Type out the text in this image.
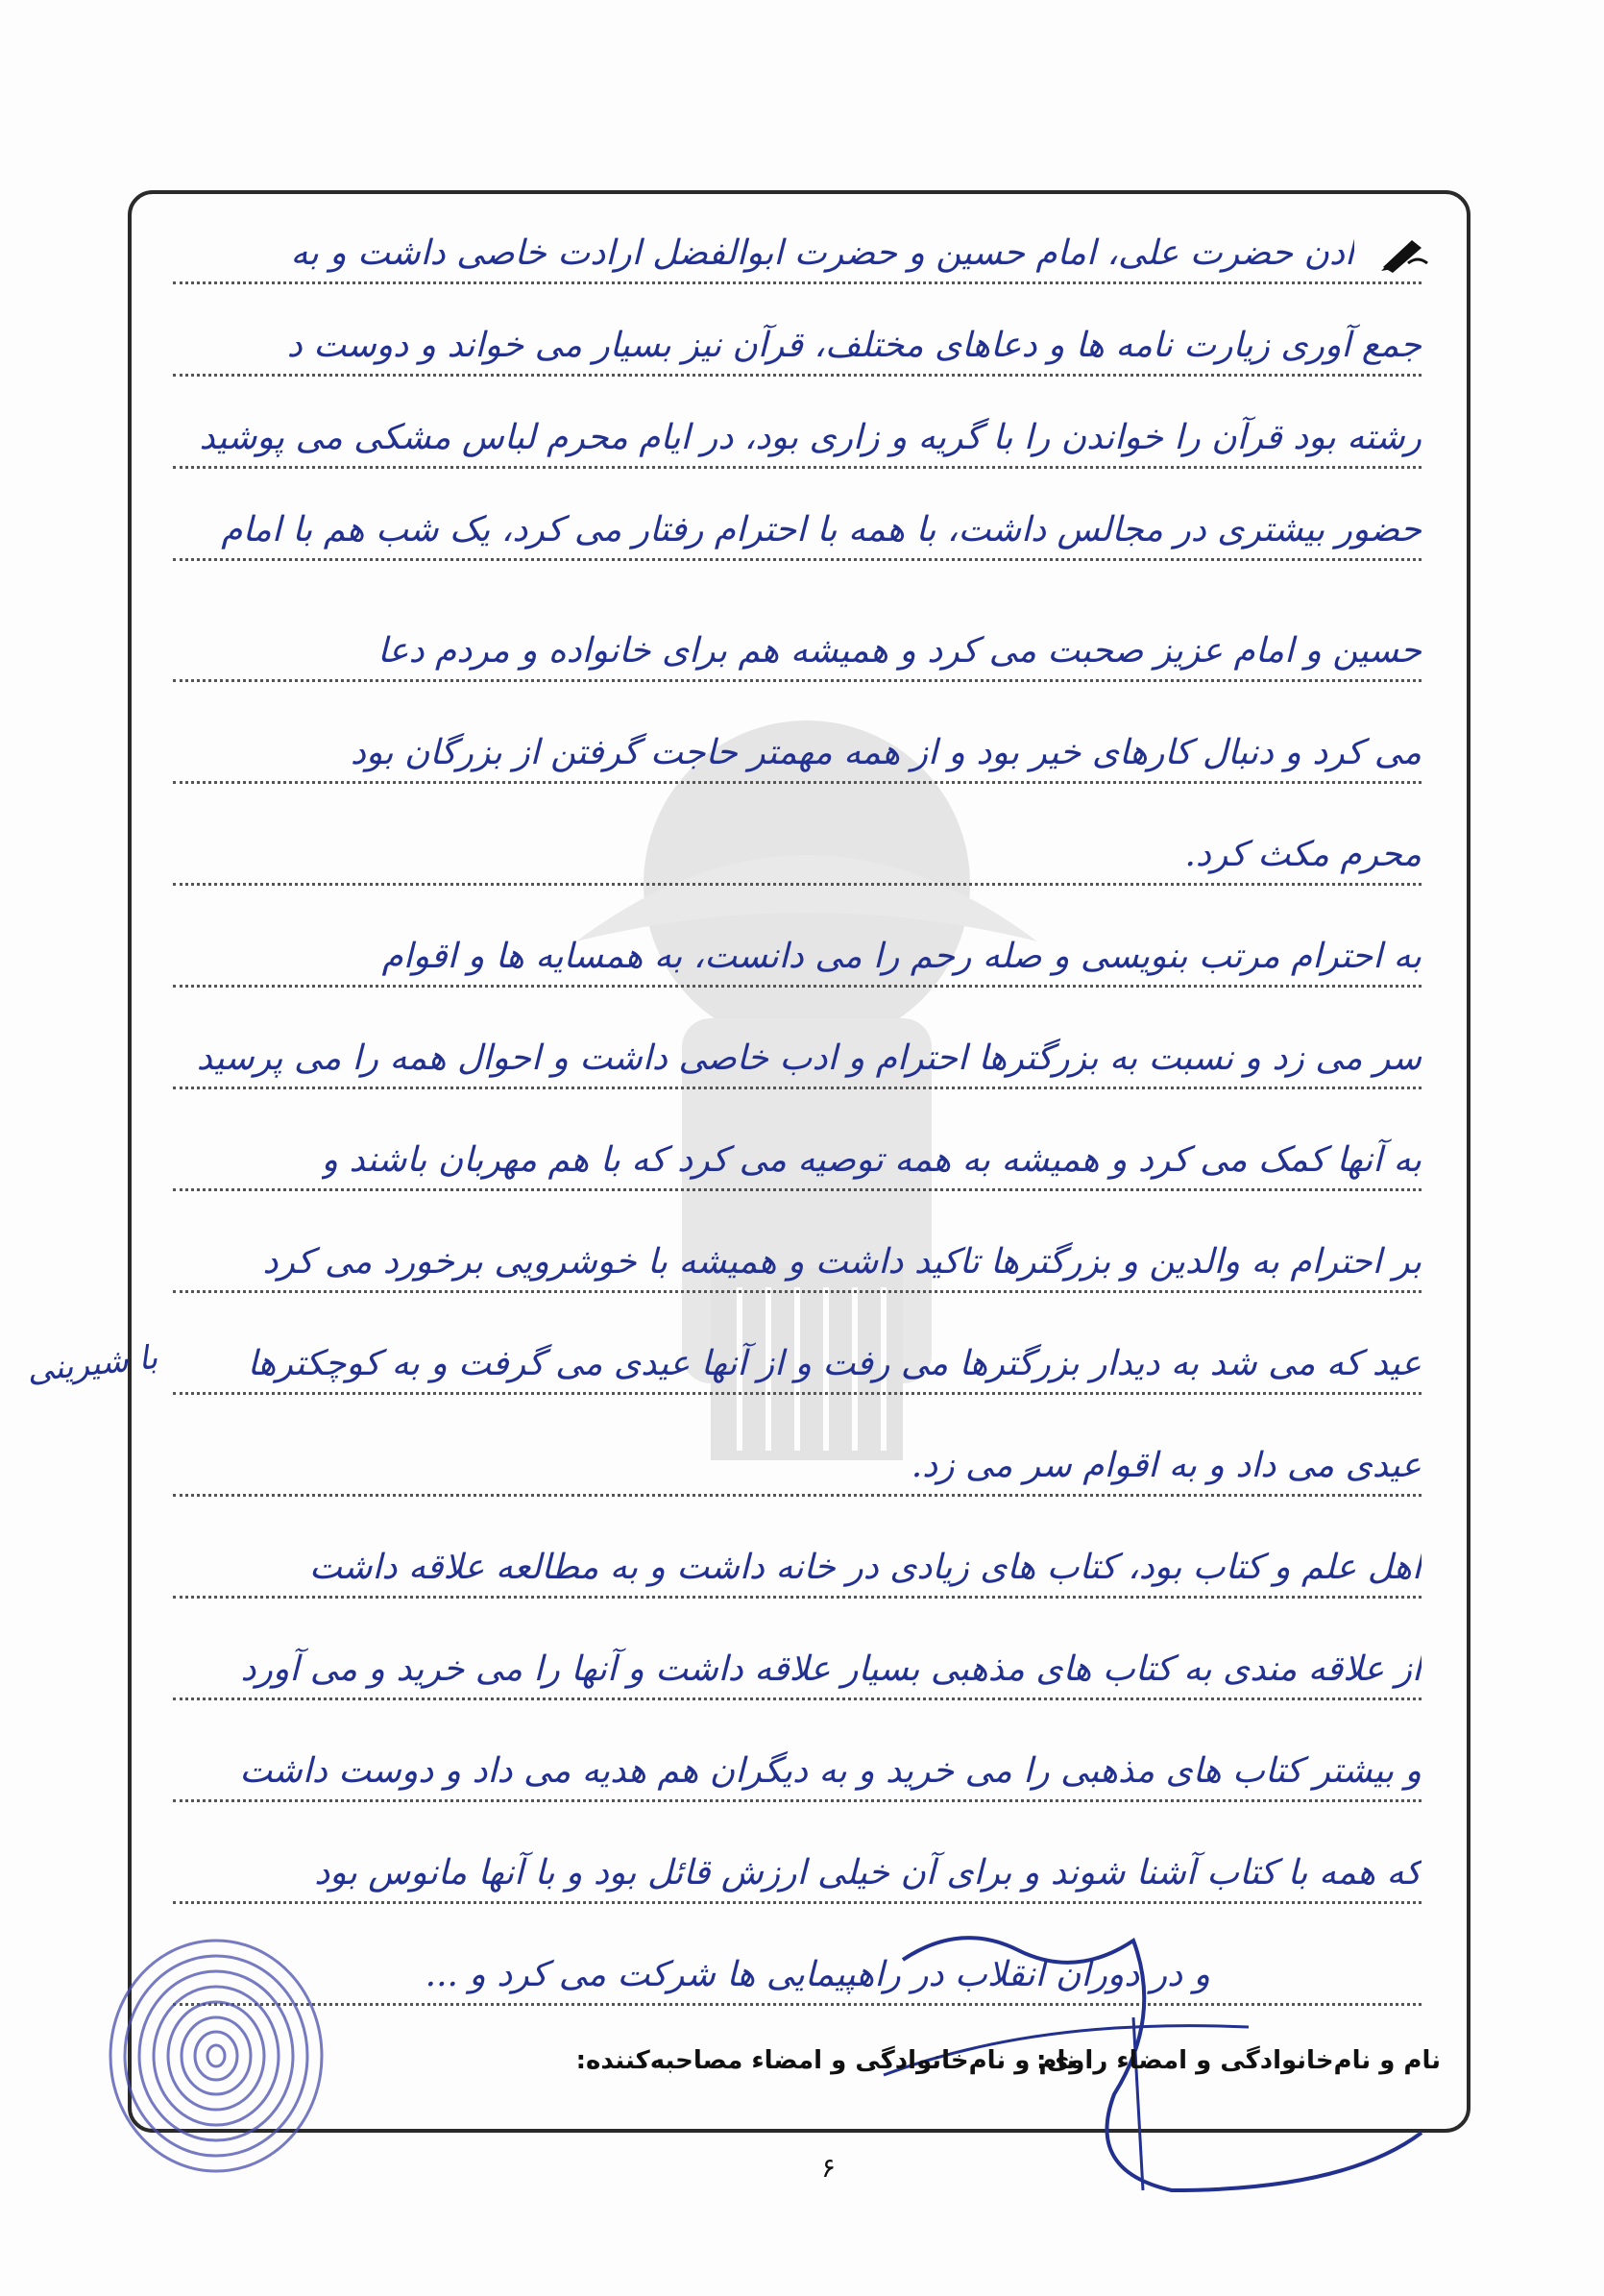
ادن حضرت علی، امام حسین و حضرت ابوالفضل ارادت خاصی داشت و به
جمع آوری زیارت نامه ها و دعاهای مختلف، قرآن نیز بسیار می خواند و دوست د
رشته بود قرآن را خواندن را با گریه و زاری بود، در ایام محرم لباس مشکی می پوشید
حضور بیشتری در مجالس داشت، با همه با احترام رفتار می کرد، یک شب هم با امام
حسین و امام عزیز صحبت می کرد و همیشه هم برای خانواده و مردم دعا
می کرد و دنبال کارهای خیر بود و از همه مهمتر حاجت گرفتن از بزرگان بود
محرم مکث کرد.
به احترام مرتب بنویسی و صله رحم را می دانست، به همسایه ها و اقوام
سر می زد و نسبت به بزرگترها احترام و ادب خاصی داشت و احوال همه را می پرسید
به آنها کمک می کرد و همیشه به همه توصیه می کرد که با هم مهربان باشند و
بر احترام به والدین و بزرگترها تاکید داشت و همیشه با خوشرویی برخورد می کرد
عید که می شد به دیدار بزرگترها می رفت و از آنها عیدی می گرفت و به کوچکترها
عیدی می داد و به اقوام سر می زد.
اهل علم و کتاب بود، کتاب های زیادی در خانه داشت و به مطالعه علاقه داشت
از علاقه مندی به کتاب های مذهبی بسیار علاقه داشت و آنها را می خرید و می آورد
و بیشتر کتاب های مذهبی را می خرید و به دیگران هم هدیه می داد و دوست داشت
که همه با کتاب آشنا شوند و برای آن خیلی ارزش قائل بود و با آنها مانوس بود
و در دوران انقلاب در راهپیمایی ها شرکت می کرد و ...
با شیرینی
نام و نام‌خانوادگی و امضاء راوی:
نام و نام‌خانوادگی و امضاء مصاحبه‌کننده:
۶
